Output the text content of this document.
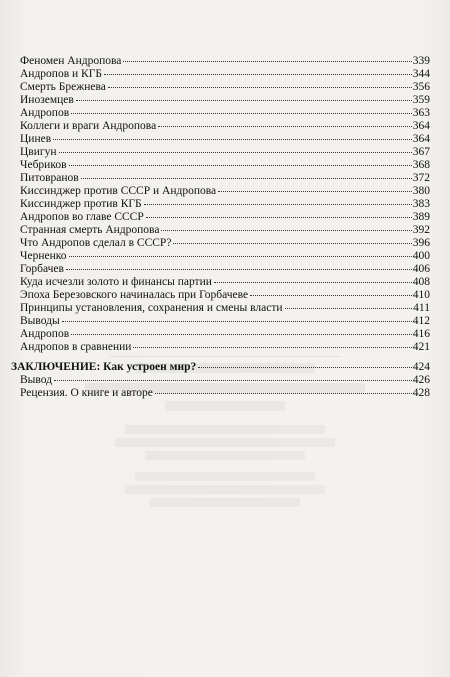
Феномен Андропова	339
Андропов и КГБ	344
Смерть Брежнева	356
Иноземцев	359
Андропов	363
Коллеги и враги Андропова	364
Цинев	364
Цвигун	367
Чебриков	368
Питовранов	372
Киссинджер против СССР и Андропова	380
Киссинджер против КГБ	383
Андропов во главе СССР	389
Странная смерть Андропова	392
Что Андропов сделал в СССР?	396
Черненко	400
Горбачев	406
Куда исчезли золото и финансы партии	408
Эпоха Березовского начиналась при Горбачеве	410
Принципы установления, сохранения и смены власти	411
Выводы	412
Андропов	416
Андропов в сравнении	421
ЗАКЛЮЧЕНИЕ: Как устроен мир?	424
Вывод	426
Рецензия. О книге и авторе	428
